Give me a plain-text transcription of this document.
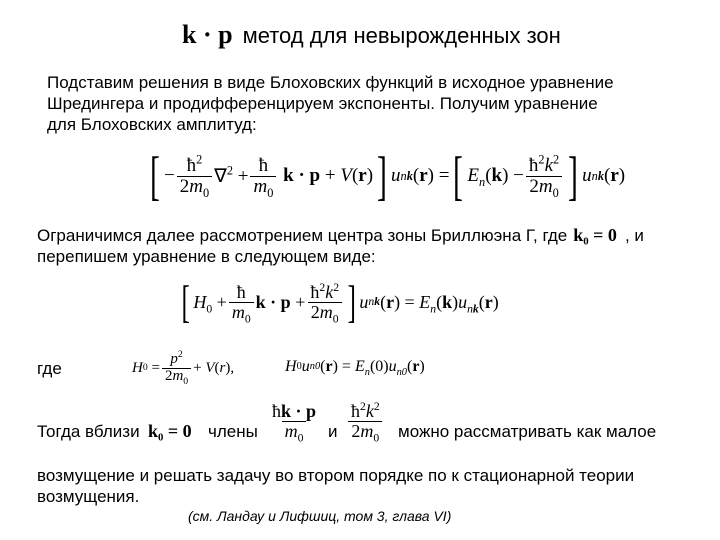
k · p метод для невырожденных зон
Подставим решения в виде Блоховских функций в исходное уравнение
Шредингера и продифференцируем экспоненты. Получим уравнение
для Блоховских амплитуд:
[ − $\frac{ħ^2}{2m_0} \nabla^2 + \frac{ħ}{m_0}$ k · p + V(r) ] u nk (r) = [ $E_n(k) - \frac{ħ^2k^2}{2m_0}$ ] u nk (r)
Ограничимся далее рассмотрением центра зоны Бриллюэна Г, где k₀ = 0 , и
перепишем уравнение в следующем виде:
[ $H_0 + \frac{ħ}{m_0}$ $k \cdot p + \frac{ħ^2k^2}{2m_0}$ ] u nk $(r) = E_n(k)u_{nk}(r)$
где	H $0 = \frac{p^2}{2m_0} + V(r)$,	H 0 u n0 $(r) = E_n(0)u_{n0}(r)$
Тогда вблизи k₀ = 0 члены $\frac{ħk \cdot p}{m_0}$ и $\frac{ħ^2k^2}{2m_0}$ можно рассматривать как малое
возмущение и решать задачу во втором порядке по к стационарной теории
возмущения.
(см. Ландау и Лифшиц, том 3, глава VI)
